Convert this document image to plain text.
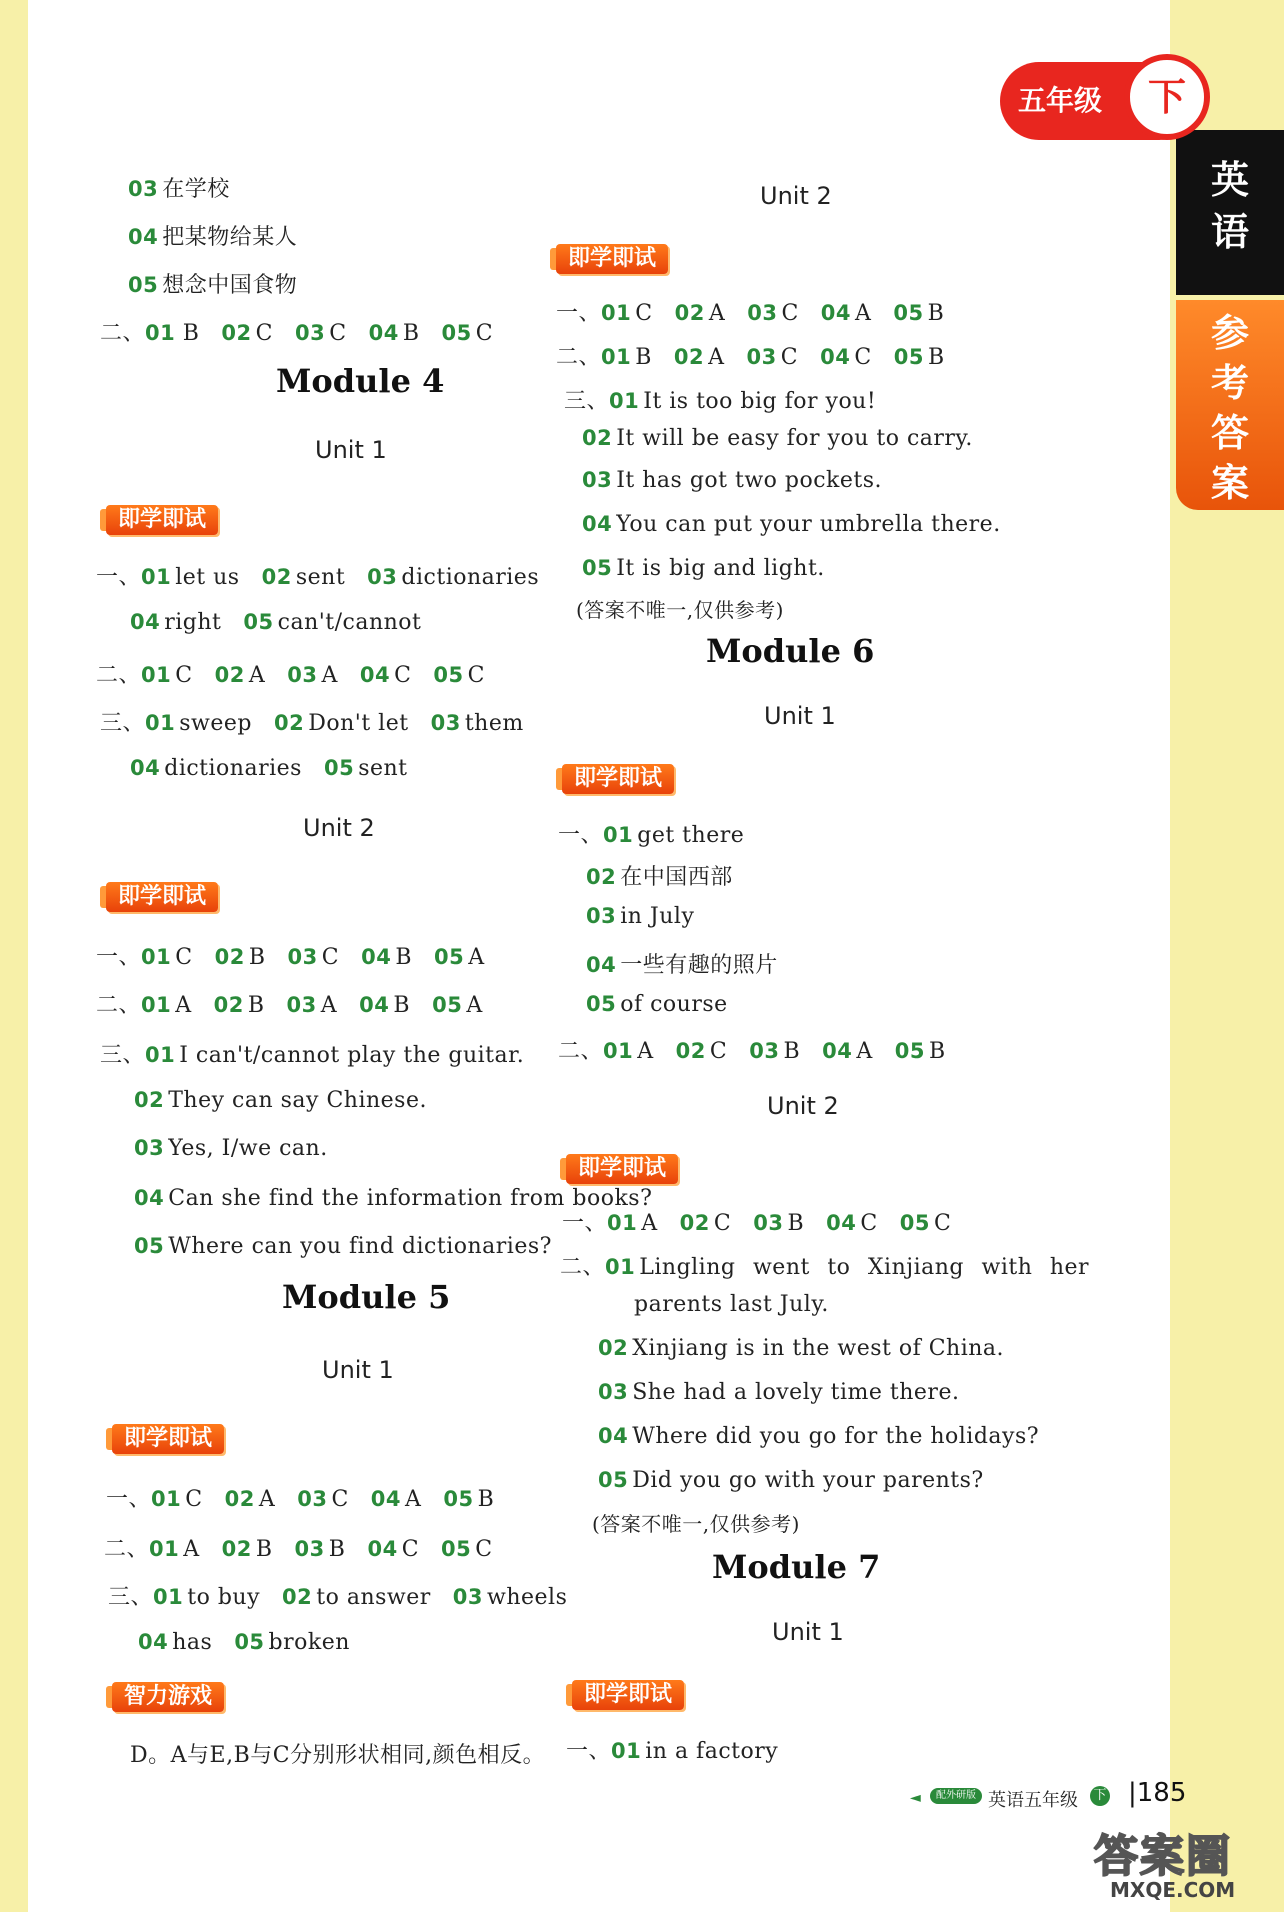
03 在学校
04 把某物给某人
05 想念中国食物
二、01 B 02 C 03 C 04 B 05 C
Module 4
Unit 1
即学即试
一、01 let us 02 sent 03 dictionaries
04 right 05 can't/cannot
二、01 C 02 A 03 A 04 C 05 C
三、01 sweep 02 Don't let 03 them
04 dictionaries 05 sent
Unit 2
即学即试
一、01 C 02 B 03 C 04 B 05 A
二、01 A 02 B 03 A 04 B 05 A
三、01 I can't/cannot play the guitar.
02 They can say Chinese.
03 Yes, I/we can.
04 Can she find the information from books?
05 Where can you find dictionaries?
Module 5
Unit 1
即学即试
一、01 C 02 A 03 C 04 A 05 B
二、01 A 02 B 03 B 04 C 05 C
三、01 to buy 02 to answer 03 wheels
04 has 05 broken
智力游戏
D。A与E,B与C分别形状相同,颜色相反。
Unit 2
即学即试
一、01 C 02 A 03 C 04 A 05 B
二、01 B 02 A 03 C 04 C 05 B
三、01 It is too big for you!
02 It will be easy for you to carry.
03 It has got two pockets.
04 You can put your umbrella there.
05 It is big and light.
(答案不唯一,仅供参考)
Module 6
Unit 1
即学即试
一、01 get there
02 在中国西部
03 in July
04 一些有趣的照片
05 of course
二、01 A 02 C 03 B 04 A 05 B
Unit 2
即学即试
一、01 A 02 C 03 B 04 C 05 C
二、01 Lingling went to Xinjiang with her
parents last July.
02 Xinjiang is in the west of China.
03 She had a lovely time there.
04 Where did you go for the holidays?
05 Did you go with your parents?
(答案不唯一,仅供参考)
Module 7
Unit 1
即学即试
一、01 in a factory
英
语
参
考
答
案
五年级	下
◄	配外研版 英语五年级 下 |185
答案圈
MXQE.COM
